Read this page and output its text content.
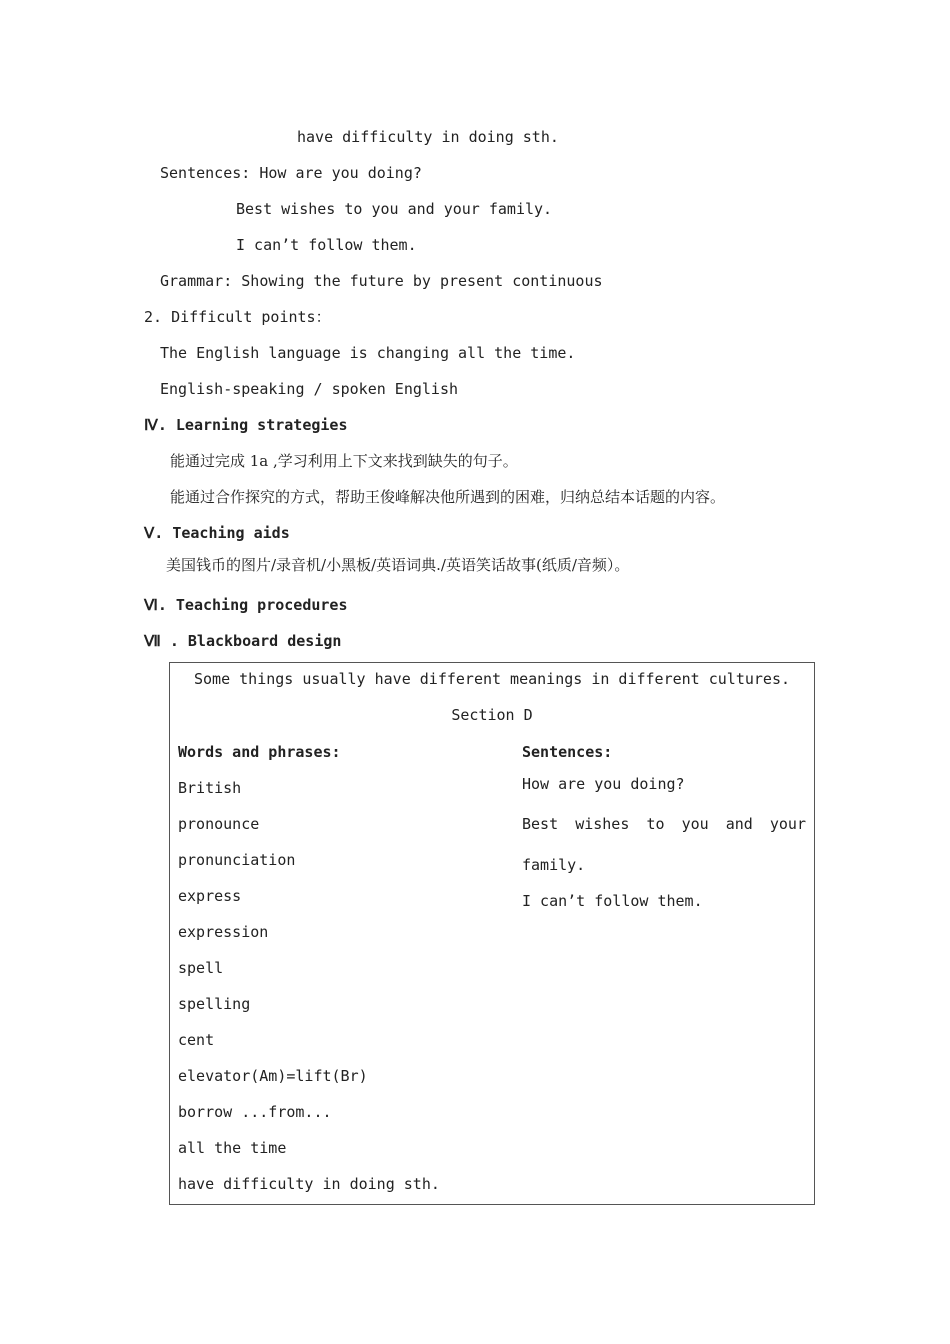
have difficulty in doing sth.
Sentences: How are you doing?
Best wishes to you and your family.
I can’t follow them.
Grammar: Showing the future by present continuous
2. Difficult points：
The English language is changing all the time.
English-speaking / spoken English
Ⅳ. Learning strategies
能通过完成 1a ,学习利用上下文来找到缺失的句子。
能通过合作探究的方式，帮助王俊峰解决他所遇到的困难，归纳总结本话题的内容。
Ⅴ. Teaching aids
美国钱币的图片/录音机/小黑板/英语词典./英语笑话故事(纸质/音频）。
Ⅵ. Teaching procedures
Ⅶ . Blackboard design
Some things usually have different meanings in different cultures.
Section D
Words and phrases:
British
pronounce
pronunciation
express
expression
spell
spelling
cent
elevator(Am)=lift(Br)
borrow ...from...
all the time
have difficulty in doing sth.
Sentences:
How are you doing?
Best wishes to you and your
family.
I can’t follow them.
